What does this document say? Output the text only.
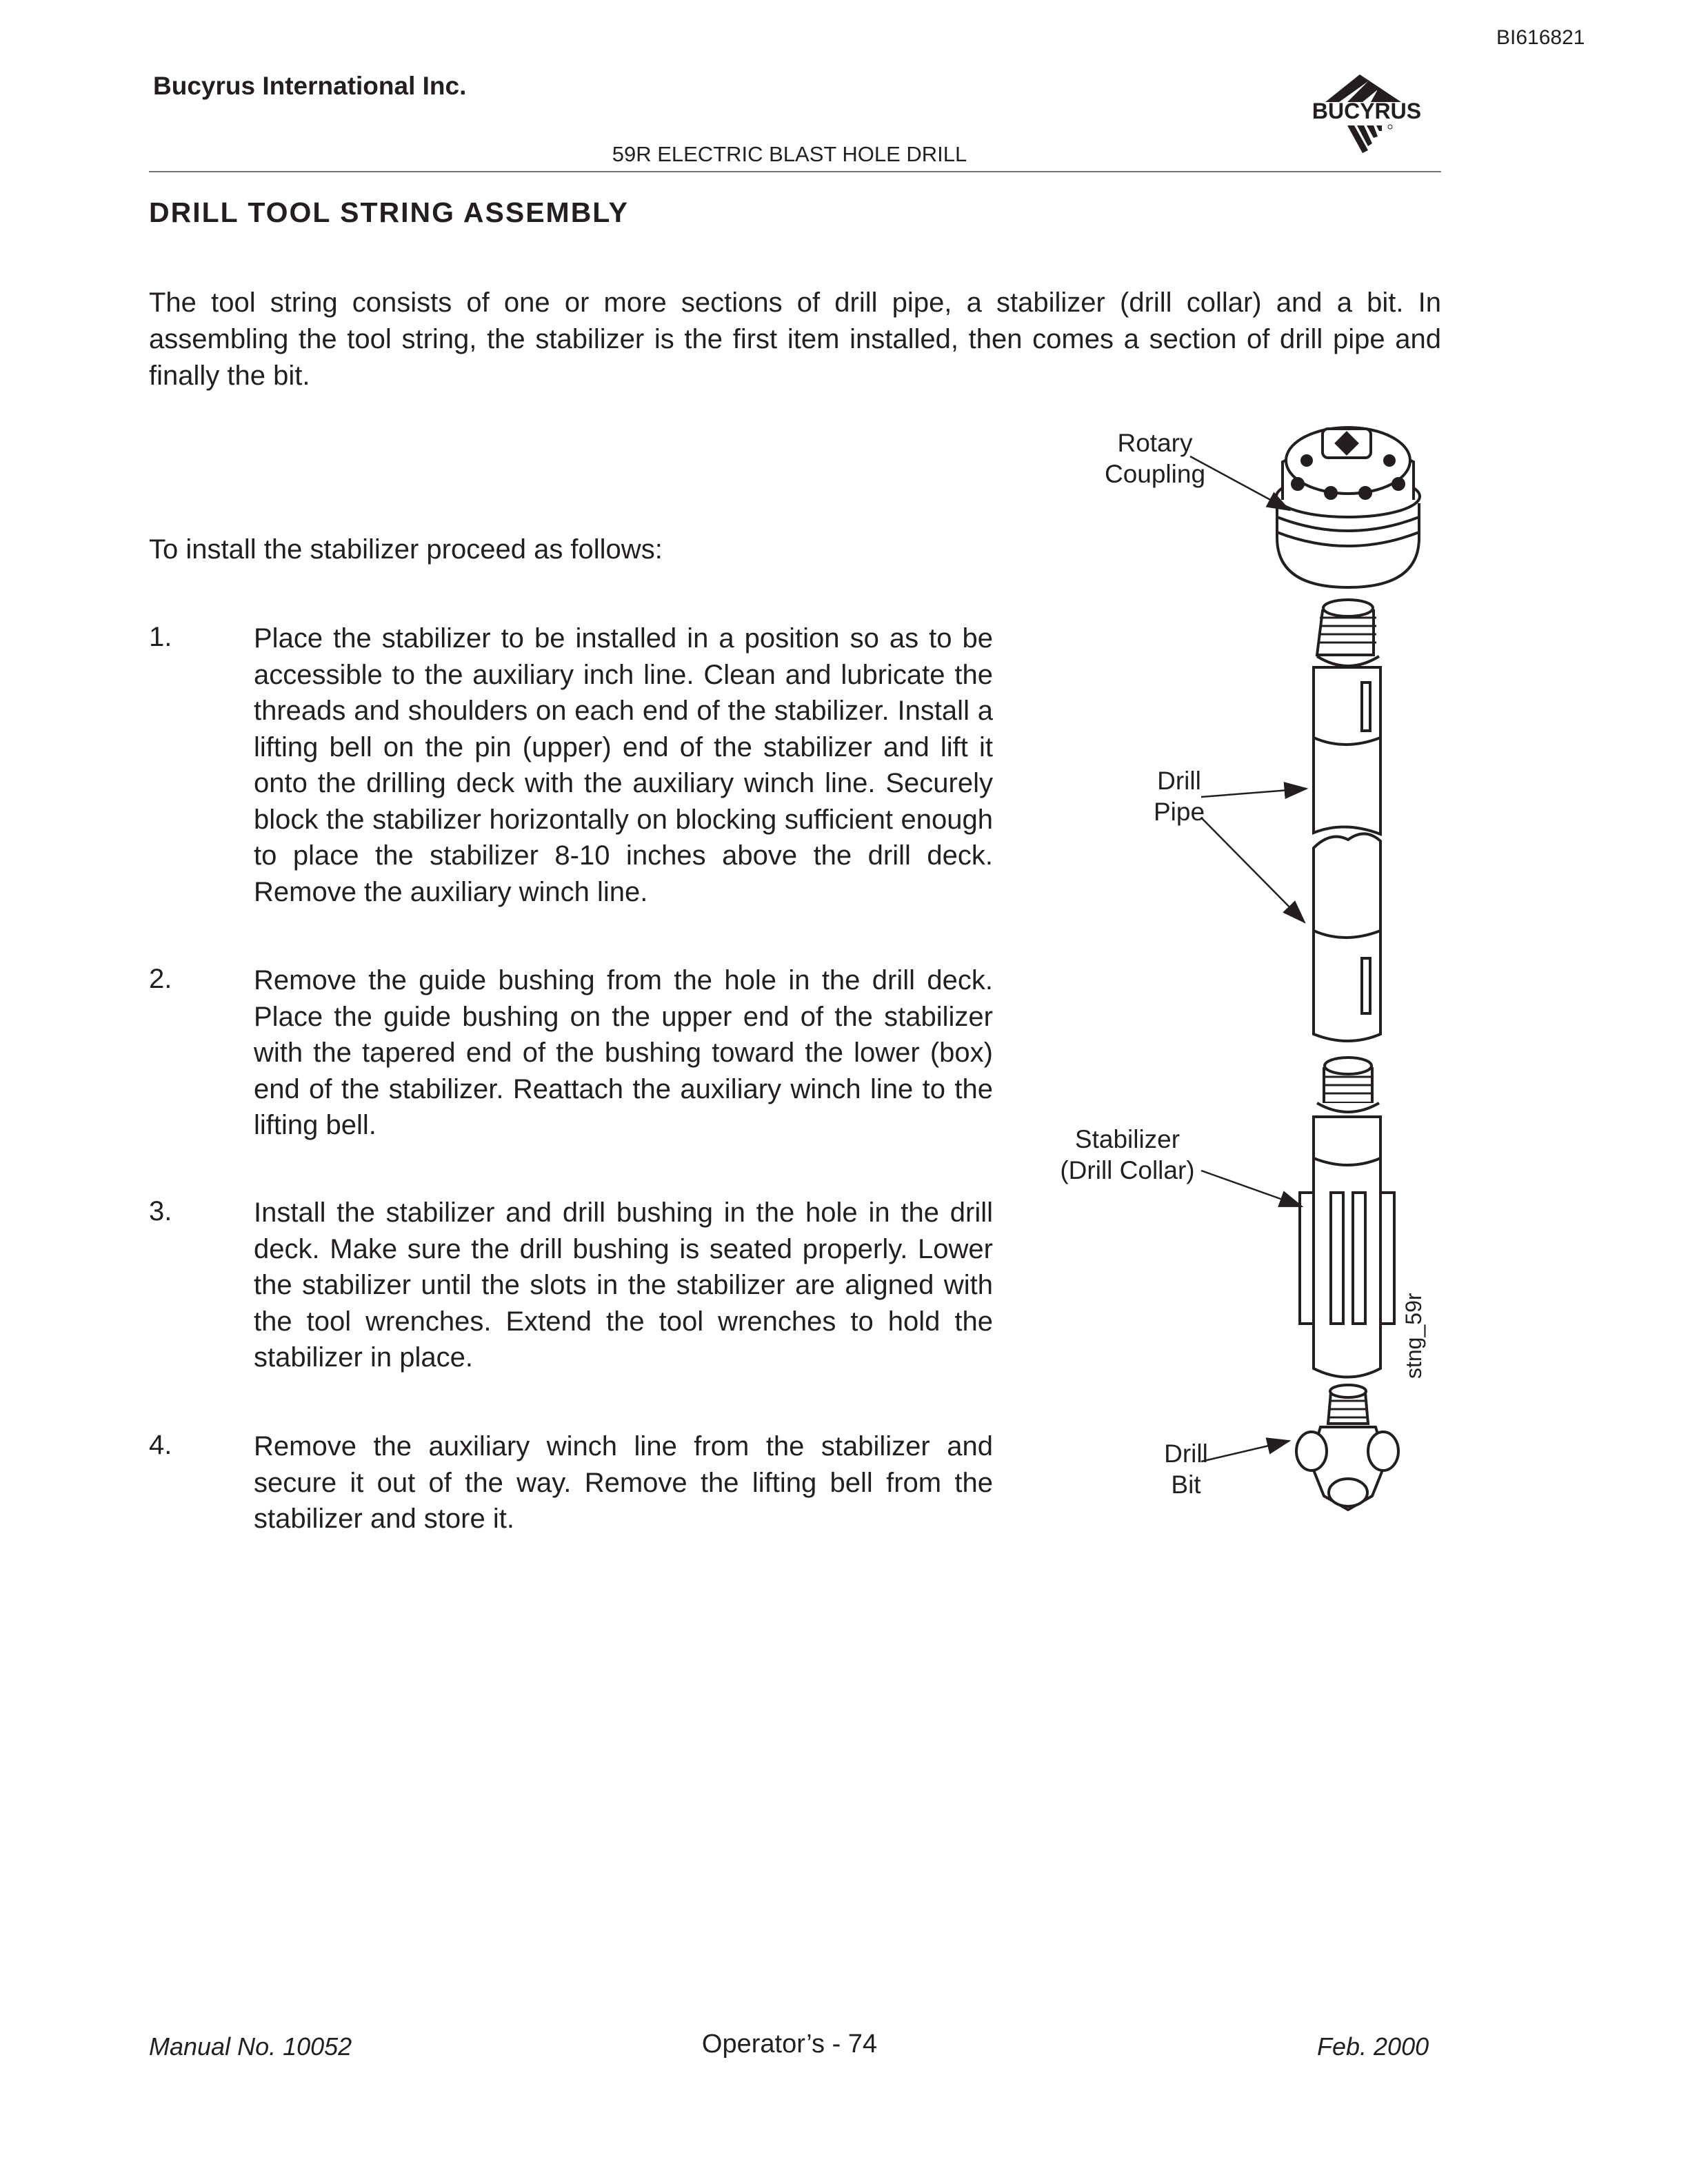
BI616821
Bucyrus International Inc.
BUCYRUS
59R ELECTRIC BLAST HOLE DRILL
DRILL TOOL STRING ASSEMBLY
The tool string consists of one or more sections of drill pipe, a stabilizer (drill collar) and a bit. In assembling the tool string, the stabilizer is the first item installed, then comes a section of drill pipe and finally the bit.
To install the stabilizer proceed as follows:
1.	Place the stabilizer to be installed in a position so as to be accessible to the auxiliary inch line. Clean and lubricate the threads and shoulders on each end of the stabilizer. Install a lifting bell on the pin (upper) end of the stabilizer and lift it onto the drilling deck with the auxiliary winch line. Securely block the stabilizer horizontally on blocking sufficient enough to place the stabilizer 8-10 inches above the drill deck. Remove the auxiliary winch line.
2.	Remove the guide bushing from the hole in the drill deck. Place the guide bushing on the upper end of the stabilizer with the tapered end of the bushing toward the lower (box) end of the stabilizer. Reattach the auxiliary winch line to the lifting bell.
3.	Install the stabilizer and drill bushing in the hole in the drill deck. Make sure the drill bushing is seated properly. Lower the stabilizer until the slots in the stabilizer are aligned with the tool wrenches. Extend the tool wrenches to hold the stabilizer in place.
4.	Remove the auxiliary winch line from the stabilizer and secure it out of the way. Remove the lifting bell from the stabilizer and store it.
Rotary
Coupling
Drill
Pipe
Stabilizer
(Drill Collar)
Drill
Bit
stng_59r
Manual No. 10052	Operator’s - 74	Feb. 2000
